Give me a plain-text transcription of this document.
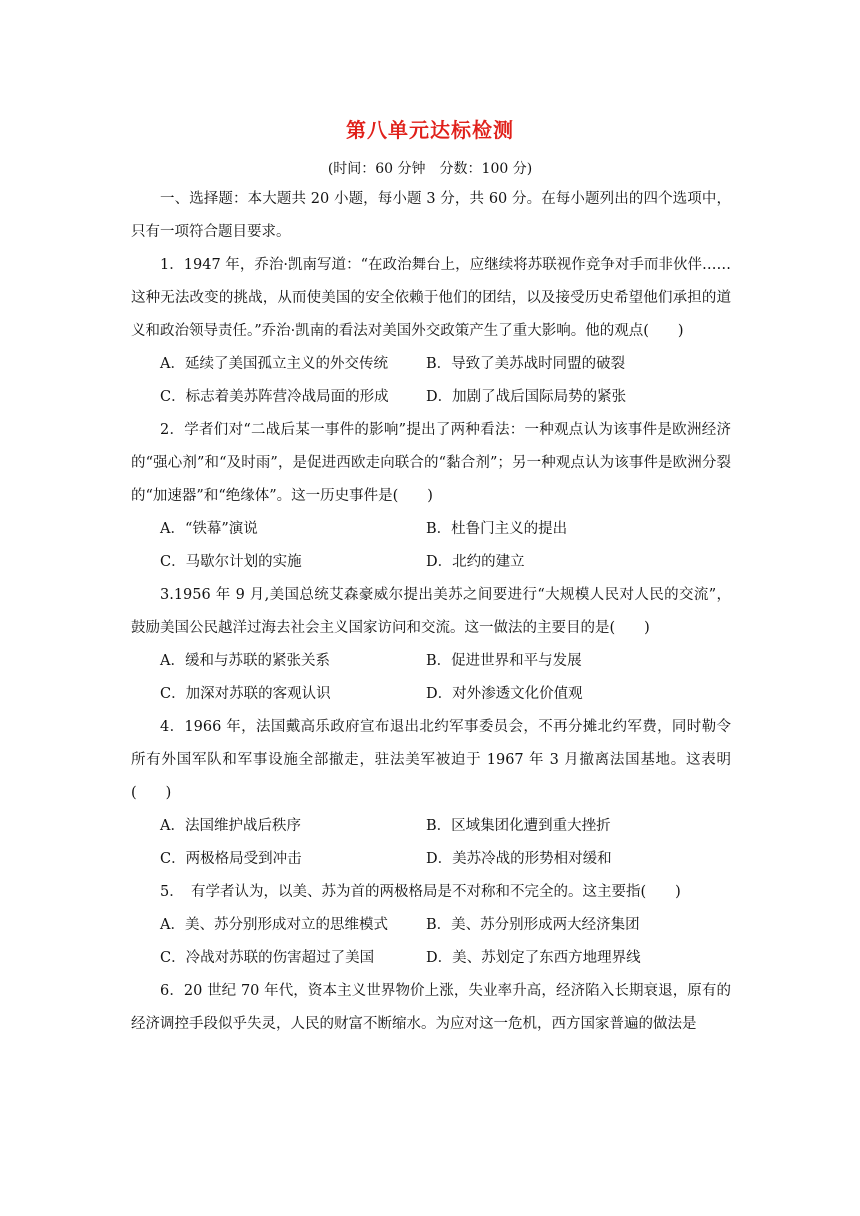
第八单元达标检测
(时间：60 分钟　分数：100 分)

一、选择题：本大题共 20 小题，每小题 3 分，共 60 分。在每小题列出的四个选项中，只有一项符合题目要求。

1．1947 年，乔治·凯南写道：“在政治舞台上，应继续将苏联视作竞争对手而非伙伴……这种无法改变的挑战，从而使美国的安全依赖于他们的团结，以及接受历史希望他们承担的道义和政治领导责任。”乔治·凯南的看法对美国外交政策产生了重大影响。他的观点(　　)

A．延续了美国孤立主义的外交传统	B．导致了美苏战时同盟的破裂
C．标志着美苏阵营冷战局面的形成	D．加剧了战后国际局势的紧张

2．学者们对“二战后某一事件的影响”提出了两种看法：一种观点认为该事件是欧洲经济的“强心剂”和“及时雨”，是促进西欧走向联合的“黏合剂”；另一种观点认为该事件是欧洲分裂的“加速器”和“绝缘体”。这一历史事件是(　　)

A．“铁幕”演说	B．杜鲁门主义的提出
C．马歇尔计划的实施	D．北约的建立

3.1956 年 9 月,美国总统艾森豪威尔提出美苏之间要进行“大规模人民对人民的交流”，鼓励美国公民越洋过海去社会主义国家访问和交流。这一做法的主要目的是(　　)

A．缓和与苏联的紧张关系	B．促进世界和平与发展
C．加深对苏联的客观认识	D．对外渗透文化价值观

4．1966 年，法国戴高乐政府宣布退出北约军事委员会，不再分摊北约军费，同时勒令所有外国军队和军事设施全部撤走，驻法美军被迫于 1967 年 3 月撤离法国基地。这表明(　　)

A．法国维护战后秩序	B．区域集团化遭到重大挫折
C．两极格局受到冲击	D．美苏冷战的形势相对缓和

5．　有学者认为，以美、苏为首的两极格局是不对称和不完全的。这主要指(　　)

A．美、苏分别形成对立的思维模式	B．美、苏分别形成两大经济集团
C．冷战对苏联的伤害超过了美国	D．美、苏划定了东西方地理界线

6．20 世纪 70 年代，资本主义世界物价上涨，失业率升高，经济陷入长期衰退，原有的经济调控手段似乎失灵，人民的财富不断缩水。为应对这一危机，西方国家普遍的做法是
